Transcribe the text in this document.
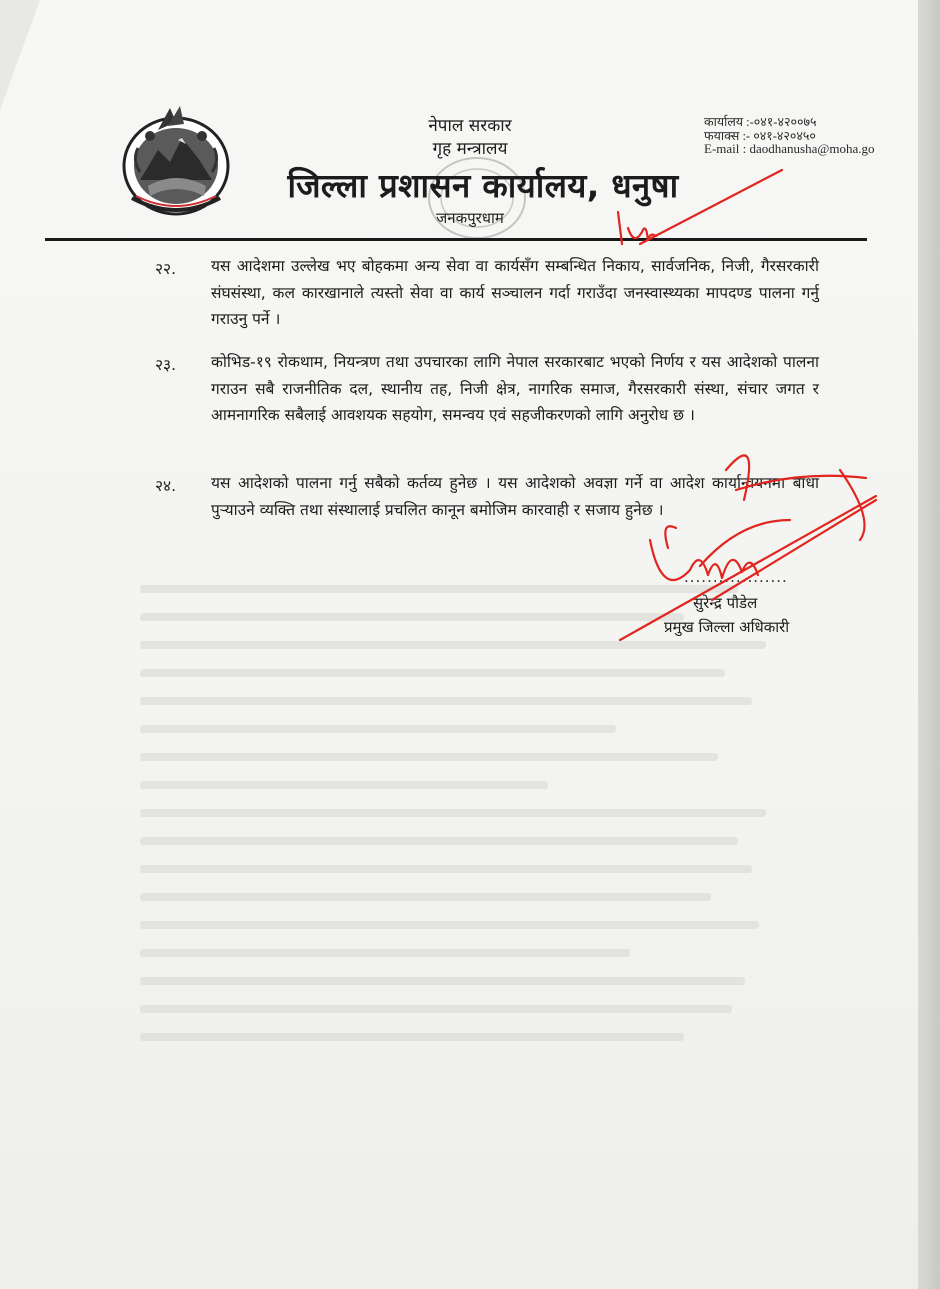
नेपाल सरकार
गृह मन्त्रालय
जिल्ला प्रशासन कार्यालय, धनुषा
जनकपुरधाम
कार्यालय :-०४१-४२००७५
फयाक्स :- ०४१-४२०४५०
E-mail : daodhanusha@moha.go
२२. यस आदेशमा उल्लेख भए बोहकमा अन्य सेवा वा कार्यसँग सम्बन्धित निकाय, सार्वजनिक, निजी, गैरसरकारी संघसंस्था, कल कारखानाले त्यस्तो सेवा वा कार्य सञ्चालन गर्दा गराउँदा जनस्वास्थ्यका मापदण्ड पालना गर्नु गराउनु पर्ने ।
२३. कोभिड-१९ रोकथाम, नियन्त्रण तथा उपचारका लागि नेपाल सरकारबाट भएको निर्णय र यस आदेशको पालना गराउन सबै राजनीतिक दल, स्थानीय तह, निजी क्षेत्र, नागरिक समाज, गैरसरकारी संस्था, संचार जगत र आमनागरिक सबैलाई आवशयक सहयोग, समन्वय एवं सहजीकरणको लागि अनुरोध छ ।
२४. यस आदेशको पालना गर्नु सबैको कर्तव्य हुनेछ । यस आदेशको अवज्ञा गर्ने वा आदेश कार्यान्वयनमा बाधा पुऱ्याउने व्यक्ति तथा संस्थालाई प्रचलित कानून बमोजिम कारवाही र सजाय हुनेछ ।
..................
सुरेन्द्र पौडेल
प्रमुख जिल्ला अधिकारी
